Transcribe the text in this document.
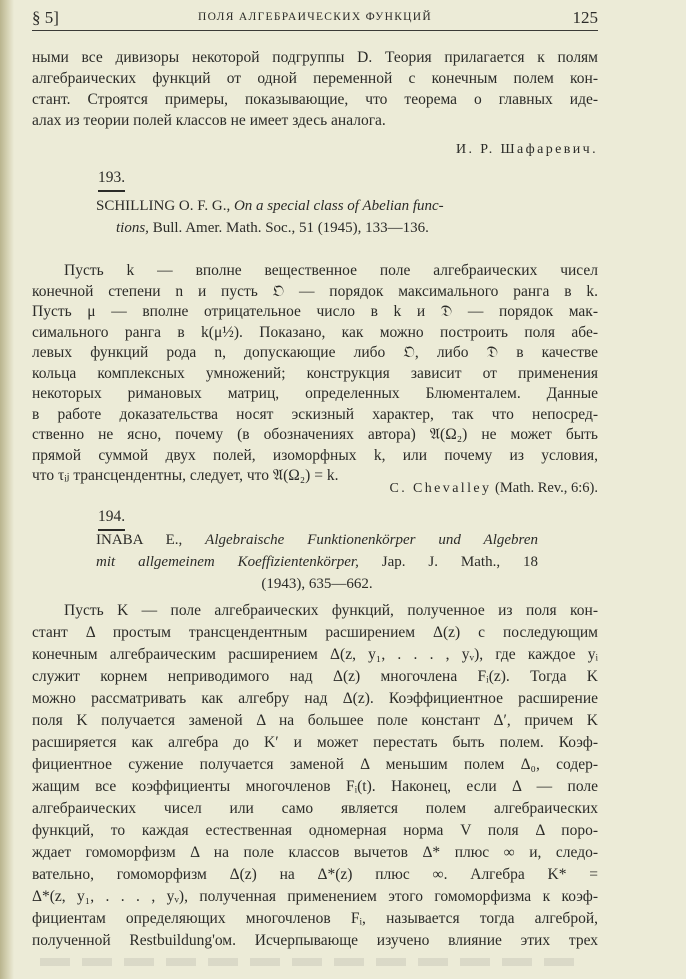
§ 5]	ПОЛЯ АЛГЕБРАИЧЕСКИХ ФУНКЦИЙ	125
ными все дивизоры некоторой подгруппы D. Теория прилагается к полям
алгебраических функций от одной переменной с конечным полем кон-
стант. Строятся примеры, показывающие, что теорема о главных иде-
алах из теории полей классов не имеет здесь аналога.
И. Р. Шафаревич.
193.
SCHILLING O. F. G., On a special class of Abelian func-
tions, Bull. Amer. Math. Soc., 51 (1945), 133—136.
Пусть k — вполне вещественное поле алгебраических чисел
конечной степени n и пусть 𝔒 — порядок максимального ранга в k.
Пусть μ — вполне отрицательное число в k и 𝔇 — порядок мак-
симального ранга в k(μ½). Показано, как можно построить поля абе-
левых функций рода n, допускающие либо 𝔒, либо 𝔇 в качестве
кольца комплексных умножений; конструкция зависит от применения
некоторых римановых матриц, определенных Блюменталем. Данные
в работе доказательства носят эскизный характер, так что непосред-
ственно не ясно, почему (в обозначениях автора) 𝔄(Ω₂) не может быть
прямой суммой двух полей, изоморфных k, или почему из условия,
что τᵢⱼ трансцендентны, следует, что 𝔄(Ω₂) = k.
C. Chevalley (Math. Rev., 6:6).
194.
INABA E., Algebraische Funktionenkörper und Algebren
mit allgemeinem Koeffizientenkörper, Jap. J. Math., 18
(1943), 635—662.
Пусть K — поле алгебраических функций, полученное из поля кон-
стант Δ простым трансцендентным расширением Δ(z) с последующим
конечным алгебраическим расширением Δ(z, y₁, . . . , yᵥ), где каждое yᵢ
служит корнем неприводимого над Δ(z) многочлена Fᵢ(z). Тогда K
можно рассматривать как алгебру над Δ(z). Коэффициентное расширение
поля K получается заменой Δ на большее поле констант Δ′, причем K
расширяется как алгебра до K′ и может перестать быть полем. Коэф-
фициентное сужение получается заменой Δ меньшим полем Δ₀, содер-
жащим все коэффициенты многочленов Fᵢ(t). Наконец, если Δ — поле
алгебраических чисел или само является полем алгебраических
функций, то каждая естественная одномерная норма V поля Δ поро-
ждает гомоморфизм Δ на поле классов вычетов Δ* плюс ∞ и, следо-
вательно, гомоморфизм Δ(z) на Δ*(z) плюс ∞. Алгебра K* =
Δ*(z, y₁, . . . , yᵥ), полученная применением этого гомоморфизма к коэф-
фициентам определяющих многочленов Fᵢ, называется тогда алгеброй,
полученной Restbuildung'ом. Исчерпывающе изучено влияние этих трех
